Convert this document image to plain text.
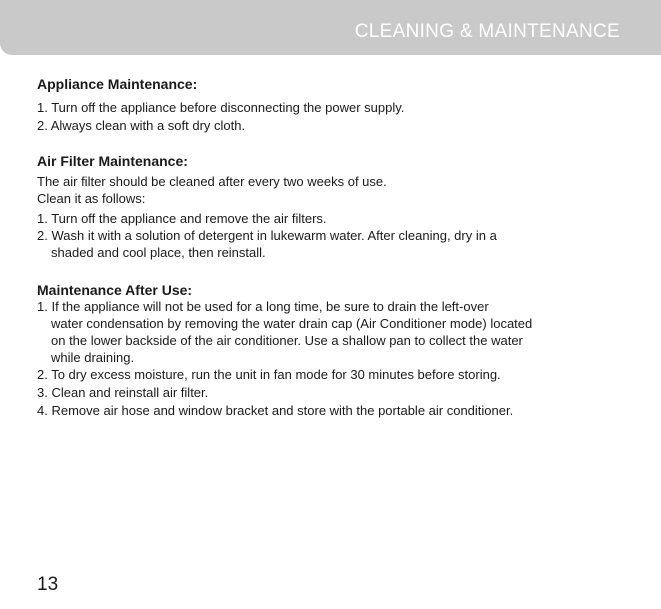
CLEANING & MAINTENANCE
Appliance Maintenance:
1. Turn off the appliance before disconnecting the power supply.
2. Always clean with a soft dry cloth.
Air Filter Maintenance:
The air filter should be cleaned after every two weeks of use.
Clean it as follows:
1. Turn off the appliance and remove the air filters.
2. Wash it with a solution of detergent in lukewarm water. After cleaning, dry in a
shaded and cool place, then reinstall.
Maintenance After Use:
1. If the appliance will not be used for a long time, be sure to drain the left-over
water condensation by removing the water drain cap (Air Conditioner mode) located
on the lower backside of the air conditioner. Use a shallow pan to collect the water
while draining.
2. To dry excess moisture, run the unit in fan mode for 30 minutes before storing.
3. Clean and reinstall air filter.
4. Remove air hose and window bracket and store with the portable air conditioner.
13
